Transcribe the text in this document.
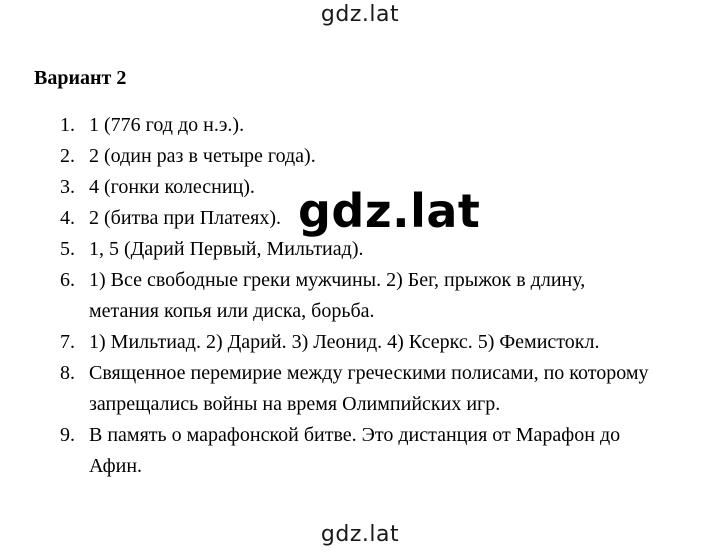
gdz.lat
Вариант 2
1. 1 (776 год до н.э.).
2. 2 (один раз в четыре года).
3. 4 (гонки колесниц).
4. 2 (битва при Платеях).
5. 1, 5 (Дарий Первый, Мильтиад).
6. 1) Все свободные греки мужчины. 2) Бег, прыжок в длину,
метания копья или диска, борьба.
7. 1) Мильтиад. 2) Дарий. 3) Леонид. 4) Ксеркс. 5) Фемистокл.
8. Священное перемирие между греческими полисами, по которому
запрещались войны на время Олимпийских игр.
9. В память о марафонской битве. Это дистанция от Марафон до
Афин.
gdz.lat
gdz.lat
